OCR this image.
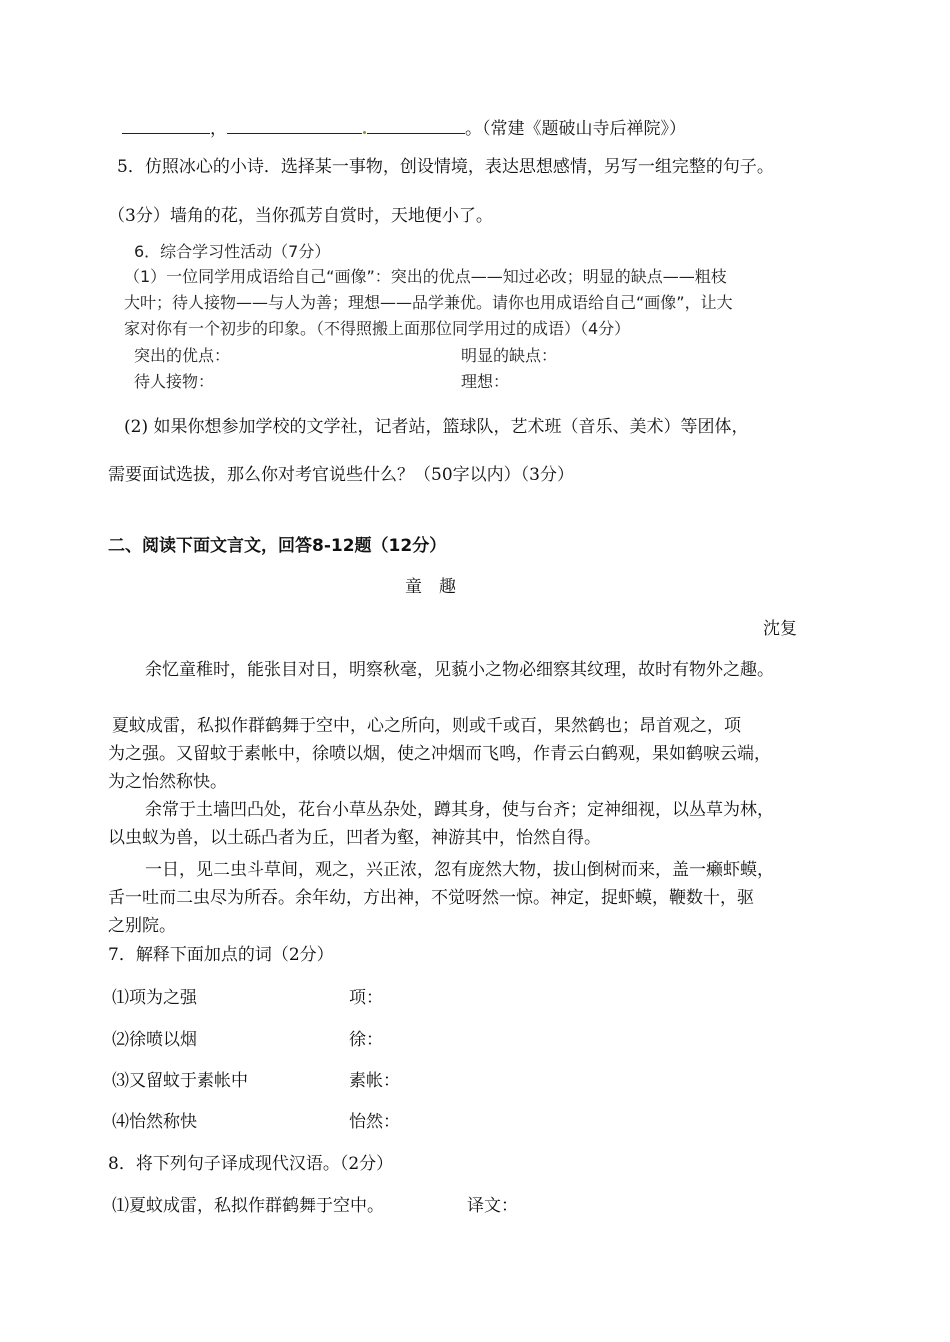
，	。（常建《题破山寺后禅院》）
5．仿照冰心的小诗．选择某一事物，创设情境，表达思想感情，另写一组完整的句子。
（3分）墙角的花，当你孤芳自赏时，天地便小了。
6．综合学习性活动（7分）
（1）一位同学用成语给自己“画像”：突出的优点——知过必改；明显的缺点——粗枝
大叶；待人接物——与人为善；理想——品学兼优。请你也用成语给自己“画像”，让大
家对你有一个初步的印象。（不得照搬上面那位同学用过的成语）（4分）
突出的优点：	明显的缺点：
待人接物：	理想：
(2) 如果你想参加学校的文学社，记者站，篮球队，艺术班（音乐、美术）等团体，
需要面试选拔，那么你对考官说些什么？（50字以内）（3分）
二、阅读下面文言文，回答8-12题（12分）
童　趣
沈复
余忆童稚时，能张目对日，明察秋毫，见藐小之物必细察其纹理，故时有物外之趣。
夏蚊成雷，私拟作群鹤舞于空中，心之所向，则或千或百，果然鹤也；昂首观之，项
为之强。又留蚊于素帐中，徐喷以烟，使之冲烟而飞鸣，作青云白鹤观，果如鹤唳云端，
为之怡然称快。
余常于土墙凹凸处，花台小草丛杂处，蹲其身，使与台齐；定神细视，以丛草为林，
以虫蚁为兽，以土砾凸者为丘，凹者为壑，神游其中，怡然自得。
一日，见二虫斗草间，观之，兴正浓，忽有庞然大物，拔山倒树而来，盖一癞虾蟆，
舌一吐而二虫尽为所吞。余年幼，方出神，不觉呀然一惊。神定，捉虾蟆，鞭数十，驱
之别院。
7．解释下面加点的词（2分）
⑴项为之强	项：
⑵徐喷以烟	徐：
⑶又留蚊于素帐中	素帐：
⑷怡然称快	怡然：
8．将下列句子译成现代汉语。（2分）
⑴夏蚊成雷，私拟作群鹤舞于空中。	译文：
